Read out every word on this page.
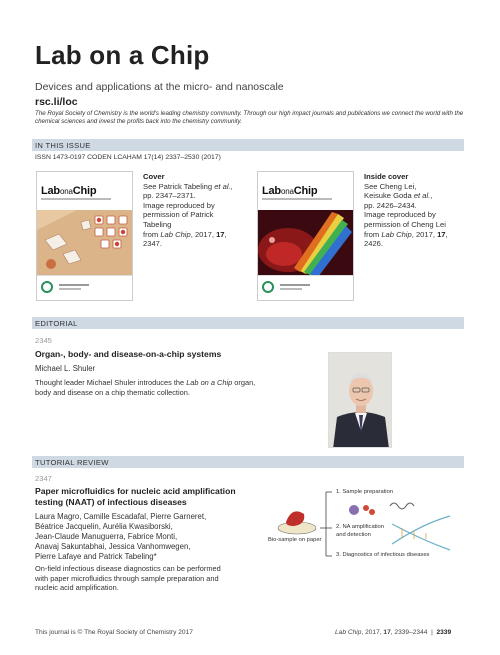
Lab on a Chip
Devices and applications at the micro- and nanoscale
rsc.li/loc
The Royal Society of Chemistry is the world's leading chemistry community. Through our high impact journals and publications we connect the world with the chemical sciences and invest the profits back into the chemistry community.
IN THIS ISSUE
ISSN 1473-0197 CODEN LCAHAM 17(14) 2337–2530 (2017)
LabonaChip
Cover
See Patrick Tabeling et al.,
pp. 2347–2371.
Image reproduced by
permission of Patrick Tabeling
from Lab Chip, 2017, 17, 2347.
LabonaChip
Inside cover
See Cheng Lei,
Keisuke Goda et al.,
pp. 2426–2434.
Image reproduced by
permission of Cheng Lei
from Lab Chip, 2017, 17, 2426.
EDITORIAL
2345
Organ-, body- and disease-on-a-chip systems
Michael L. Shuler
Thought leader Michael Shuler introduces the Lab on a Chip organ, body and disease on a chip thematic collection.
TUTORIAL REVIEW
2347
Paper microfluidics for nucleic acid amplification
testing (NAAT) of infectious diseases
Laura Magro, Camille Escadafal, Pierre Garneret,
Béatrice Jacquelin, Aurélia Kwasiborski,
Jean-Claude Manuguerra, Fabrice Monti,
Anavaj Sakuntabhai, Jessica Vanhomwegen,
Pierre Lafaye and Patrick Tabeling*
On-field infectious disease diagnostics can be performed
with paper microfluidics through sample preparation and
nucleic acid amplification.
Bio-sample on paper
1. Sample preparation
2. NA amplification
and detection
3. Diagnostics of infectious diseases
This journal is © The Royal Society of Chemistry 2017	Lab Chip, 2017, 17, 2339–2344  |  2339
